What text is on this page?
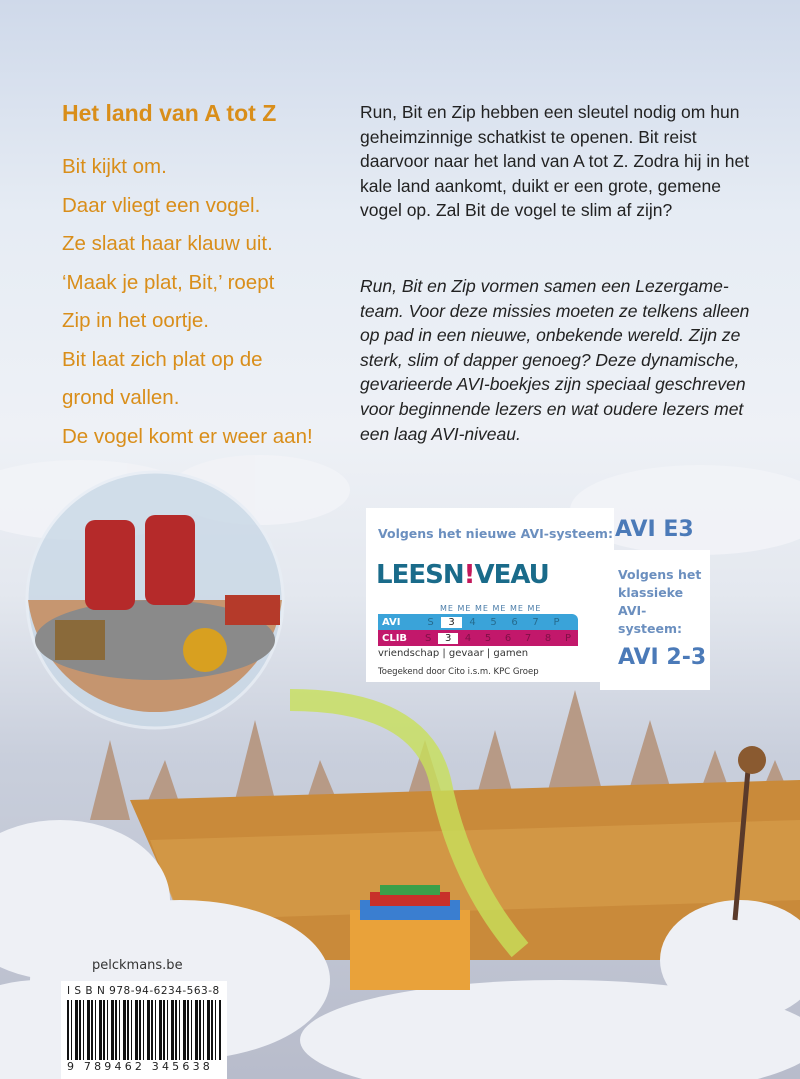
Het land van A tot Z
Bit kijkt om.
Daar vliegt een vogel.
Ze slaat haar klauw uit.
‘Maak je plat, Bit,’ roept
Zip in het oortje.
Bit laat zich plat op de
grond vallen.
De vogel komt er weer aan!
Run, Bit en Zip hebben een sleutel nodig om hun geheimzinnige schatkist te openen. Bit reist daarvoor naar het land van A tot Z. Zodra hij in het kale land aankomt, duikt er een grote, gemene vogel op. Zal Bit de vogel te slim af zijn?
Run, Bit en Zip vormen samen een Lezergame-team. Voor deze missies moeten ze telkens alleen op pad in een nieuwe, onbekende wereld. Zijn ze sterk, slim of dapper genoeg? Deze dynamische, gevarieerde AVI-boekjes zijn speciaal geschreven voor beginnende lezers en wat oudere lezers met een laag AVI-niveau.
Volgens het nieuwe AVI-systeem: AVI E3
LEESN!VEAU
ME ME ME ME ME ME
AVI	S	3	4	5	6	7	P
CLIB	S	3	4	5	6	7	8	P
vriendschap | gevaar | gamen
Toegekend door Cito i.s.m. KPC Groep
Volgens het klassieke AVI-systeem:
AVI 2-3
pelckmans.be
I S B N 978-94-6234-563-8
9 789462 345638
